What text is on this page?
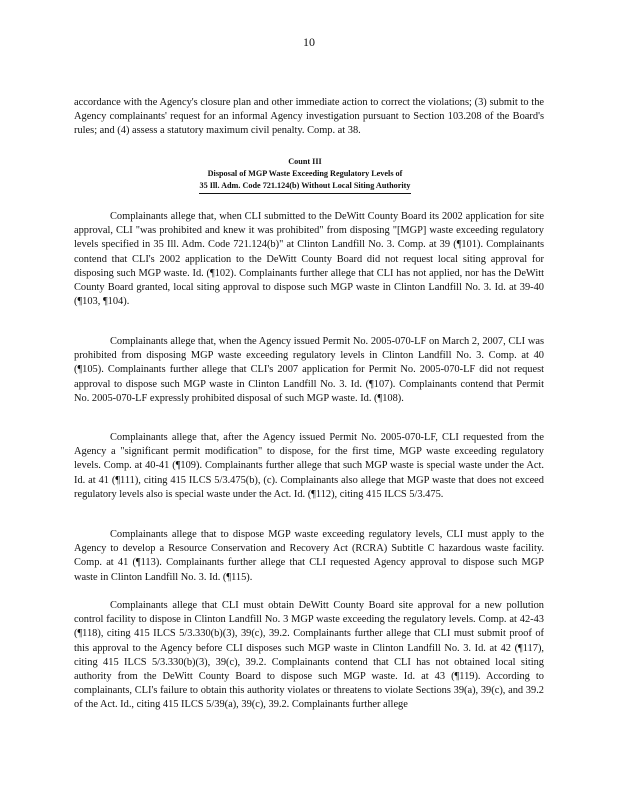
10

accordance with the Agency's closure plan and other immediate action to correct the violations; (3) submit to the Agency complainants' request for an informal Agency investigation pursuant to Section 103.208 of the Board's rules; and (4) assess a statutory maximum civil penalty. Comp. at 38.

Count III
Disposal of MGP Waste Exceeding Regulatory Levels of
35 Ill. Adm. Code 721.124(b) Without Local Siting Authority

Complainants allege that, when CLI submitted to the DeWitt County Board its 2002 application for site approval, CLI "was prohibited and knew it was prohibited" from disposing "[MGP] waste exceeding regulatory levels specified in 35 Ill. Adm. Code 721.124(b)" at Clinton Landfill No. 3. Comp. at 39 (¶101). Complainants contend that CLI's 2002 application to the DeWitt County Board did not request local siting approval for disposing such MGP waste. Id. (¶102). Complainants further allege that CLI has not applied, nor has the DeWitt County Board granted, local siting approval to dispose such MGP waste in Clinton Landfill No. 3. Id. at 39-40 (¶103, ¶104).

Complainants allege that, when the Agency issued Permit No. 2005-070-LF on March 2, 2007, CLI was prohibited from disposing MGP waste exceeding regulatory levels in Clinton Landfill No. 3. Comp. at 40 (¶105). Complainants further allege that CLI's 2007 application for Permit No. 2005-070-LF did not request approval to dispose such MGP waste in Clinton Landfill No. 3. Id. (¶107). Complainants contend that Permit No. 2005-070-LF expressly prohibited disposal of such MGP waste. Id. (¶108).

Complainants allege that, after the Agency issued Permit No. 2005-070-LF, CLI requested from the Agency a "significant permit modification" to dispose, for the first time, MGP waste exceeding regulatory levels. Comp. at 40-41 (¶109). Complainants further allege that such MGP waste is special waste under the Act. Id. at 41 (¶111), citing 415 ILCS 5/3.475(b), (c). Complainants also allege that MGP waste that does not exceed regulatory levels also is special waste under the Act. Id. (¶112), citing 415 ILCS 5/3.475.

Complainants allege that to dispose MGP waste exceeding regulatory levels, CLI must apply to the Agency to develop a Resource Conservation and Recovery Act (RCRA) Subtitle C hazardous waste facility. Comp. at 41 (¶113). Complainants further allege that CLI requested Agency approval to dispose such MGP waste in Clinton Landfill No. 3. Id. (¶115).

Complainants allege that CLI must obtain DeWitt County Board site approval for a new pollution control facility to dispose in Clinton Landfill No. 3 MGP waste exceeding the regulatory levels. Comp. at 42-43 (¶118), citing 415 ILCS 5/3.330(b)(3), 39(c), 39.2. Complainants further allege that CLI must submit proof of this approval to the Agency before CLI disposes such MGP waste in Clinton Landfill No. 3. Id. at 42 (¶117), citing 415 ILCS 5/3.330(b)(3), 39(c), 39.2. Complainants contend that CLI has not obtained local siting authority from the DeWitt County Board to dispose such MGP waste. Id. at 43 (¶119). According to complainants, CLI's failure to obtain this authority violates or threatens to violate Sections 39(a), 39(c), and 39.2 of the Act. Id., citing 415 ILCS 5/39(a), 39(c), 39.2. Complainants further allege
